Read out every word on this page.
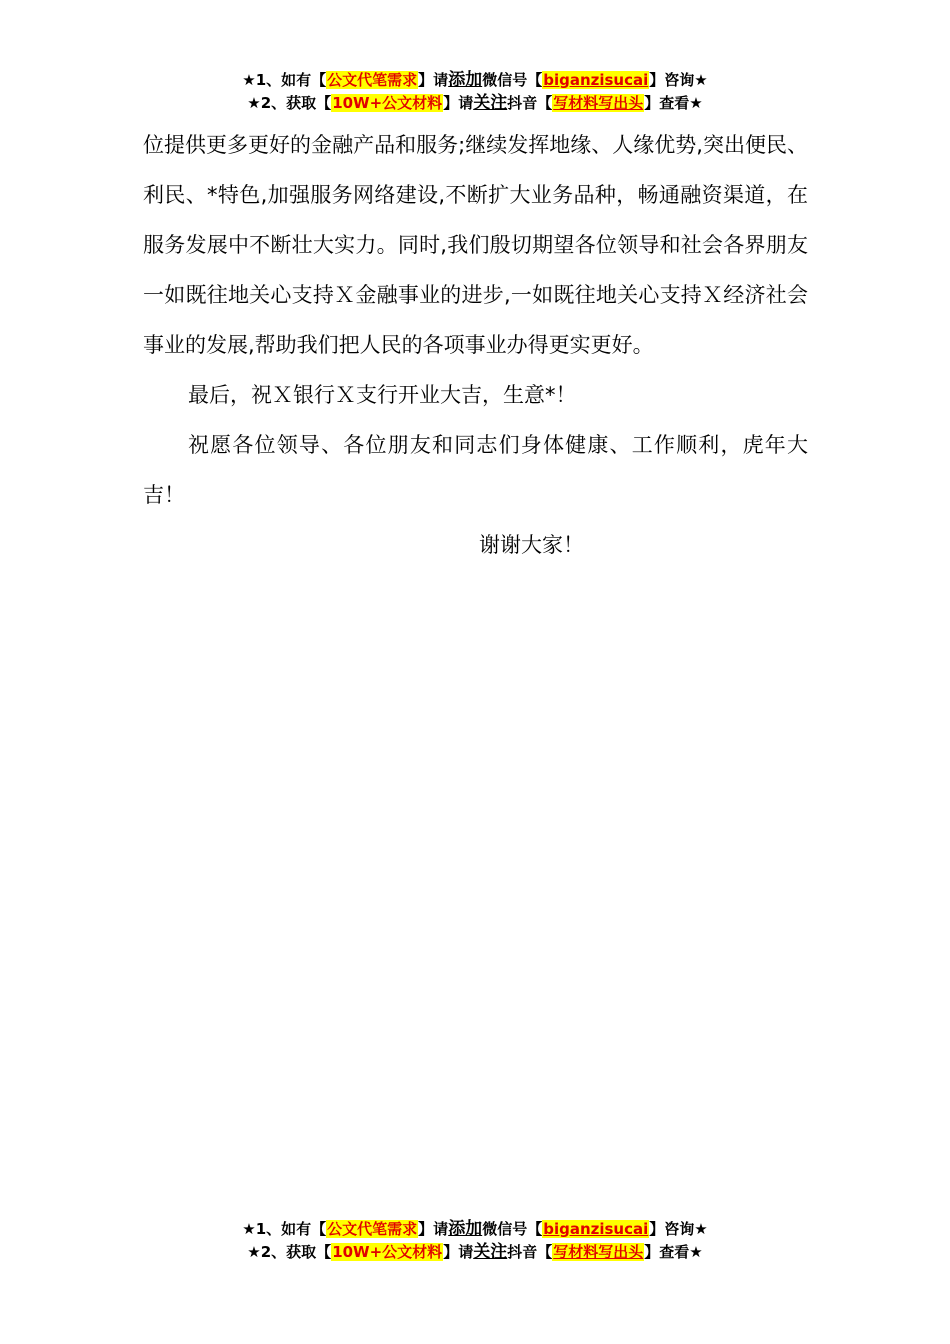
★1、如有【公文代笔需求】请添加微信号【biganzisucai】咨询★
★2、获取【10W+公文材料】请关注抖音【写材料写出头】查看★

位提供更多更好的金融产品和服务;继续发挥地缘、人缘优势,突出便民、利民、*特色,加强服务网络建设,不断扩大业务品种，畅通融资渠道，在服务发展中不断壮大实力。同时,我们殷切期望各位领导和社会各界朋友一如既往地关心支持Ｘ金融事业的进步,一如既往地关心支持Ｘ经济社会事业的发展,帮助我们把人民的各项事业办得更实更好。

最后，祝Ｘ银行Ｘ支行开业大吉，生意*！

祝愿各位领导、各位朋友和同志们身体健康、工作顺利，虎年大吉！

谢谢大家！

★1、如有【公文代笔需求】请添加微信号【biganzisucai】咨询★
★2、获取【10W+公文材料】请关注抖音【写材料写出头】查看★
